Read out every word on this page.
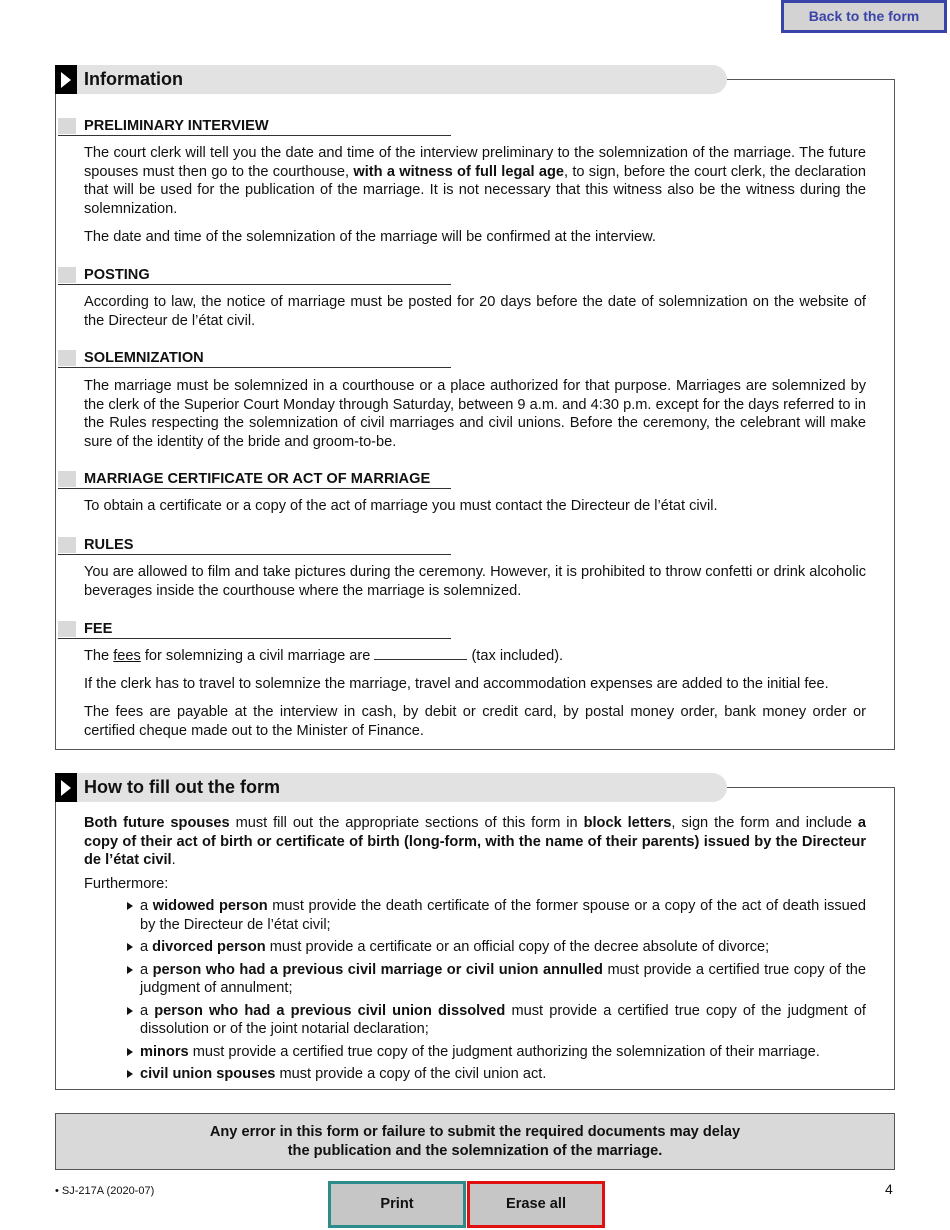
Back to the form
Information
PRELIMINARY INTERVIEW

The court clerk will tell you the date and time of the interview preliminary to the solemnization of the marriage. The future spouses must then go to the courthouse, with a witness of full legal age, to sign, before the court clerk, the declaration that will be used for the publication of the marriage. It is not necessary that this witness also be the witness during the solemnization.

The date and time of the solemnization of the marriage will be confirmed at the interview.

POSTING

According to law, the notice of marriage must be posted for 20 days before the date of solemnization on the website of the Directeur de l’état civil.

SOLEMNIZATION

The marriage must be solemnized in a courthouse or a place authorized for that purpose. Marriages are solemnized by the clerk of the Superior Court Monday through Saturday, between 9 a.m. and 4:30 p.m. except for the days referred to in the Rules respecting the solemnization of civil marriages and civil unions. Before the ceremony, the celebrant will make sure of the identity of the bride and groom-to-be.

MARRIAGE CERTIFICATE OR ACT OF MARRIAGE

To obtain a certificate or a copy of the act of marriage you must contact the Directeur de l’état civil.

RULES

You are allowed to film and take pictures during the ceremony. However, it is prohibited to throw confetti or drink alcoholic beverages inside the courthouse where the marriage is solemnized.

FEE

The fees for solemnizing a civil marriage are	(tax included).

If the clerk has to travel to solemnize the marriage, travel and accommodation expenses are added to the initial fee.

The fees are payable at the interview in cash, by debit or credit card, by postal money order, bank money order or certified cheque made out to the Minister of Finance.

How to fill out the form

Both future spouses must fill out the appropriate sections of this form in block letters, sign the form and include a copy of their act of birth or certificate of birth (long-form, with the name of their parents) issued by the Directeur de l’état civil.

Furthermore:

a widowed person must provide the death certificate of the former spouse or a copy of the act of death issued by the Directeur de l’état civil;
a divorced person must provide a certificate or an official copy of the decree absolute of divorce;
a person who had a previous civil marriage or civil union annulled must provide a certified true copy of the judgment of annulment;
a person who had a previous civil union dissolved must provide a certified true copy of the judgment of dissolution or of the joint notarial declaration;
minors must provide a certified true copy of the judgment authorizing the solemnization of their marriage.
civil union spouses must provide a copy of the civil union act.
Any error in this form or failure to submit the required documents may delay
the publication and the solemnization of the marriage.
• SJ-217A (2020-07)	4
Print	Erase all
